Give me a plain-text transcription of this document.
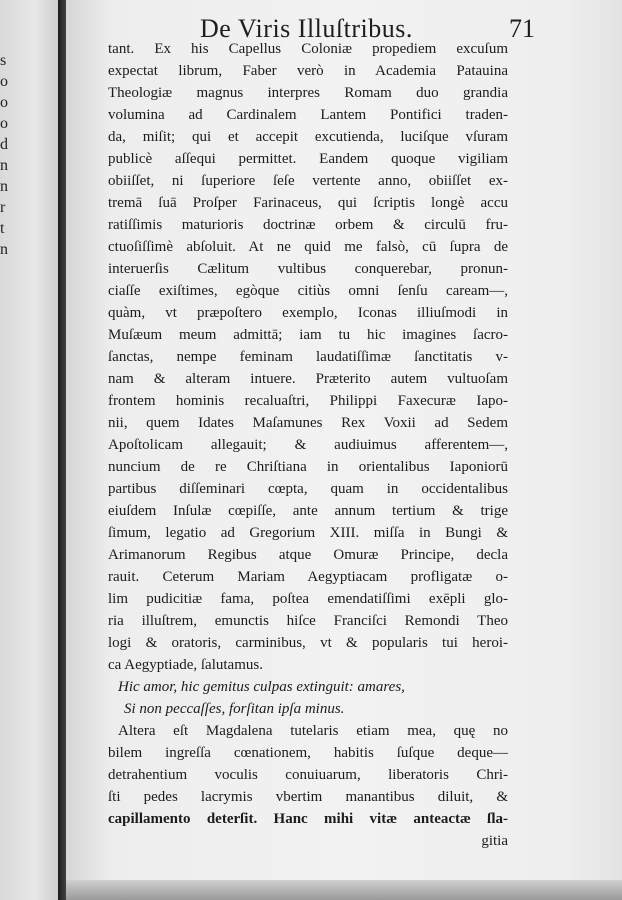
s
o
o
o
d
n
n
r
t
n
De Viris Illuſtribus.	71
tant. Ex his Capellus Coloniæ propediem excuſum
expectat librum, Faber verò in Academia Patauina
Theologiæ magnus interpres Romam duo grandia
volumina ad Cardinalem Lantem Pontifici traden-
da, miſit; qui et accepit excutienda, luciſque vſuram
publicè aſſequi permittet. Eandem quoque vigiliam
obiiſſet, ni ſuperiore ſeſe vertente anno, obiiſſet ex-
tremā ſuā Proſper Farinaceus, qui ſcriptis longè accu
ratiſſimis maturioris doctrinæ orbem & circulū fru-
ctuoſiſſimè abſoluit. At ne quid me falsò, cū ſupra de
interuerſis Cælitum vultibus conquerebar, pronun-
ciaſſe exiſtimes, egòque citiùs omni ſenſu caream—,
quàm, vt præpoſtero exemplo, Iconas illiuſmodi in
Muſæum meum admittā; iam tu hic imagines ſacro-
ſanctas, nempe feminam laudatiſſimæ ſanctitatis v-
nam & alteram intuere. Præterito autem vultuoſam
frontem hominis recaluaſtri, Philippi Faxecuræ Iapo-
nii, quem Idates Maſamunes Rex Voxii ad Sedem
Apoſtolicam allegauit; & audiuimus afferentem—,
nuncium de re Chriſtiana in orientalibus Iaponiorū
partibus diſſeminari cœpta, quam in occidentalibus
eiuſdem Inſulæ cœpiſſe, ante annum tertium & trige
ſimum, legatio ad Gregorium XIII. miſſa in Bungi &
Arimanorum Regibus atque Omuræ Principe, decla
rauit. Ceterum Mariam Aegyptiacam profligatæ o-
lim pudicitiæ fama, poſtea emendatiſſimi exēpli glo-
ria illuſtrem, emunctis hiſce Franciſci Remondi Theo
logi & oratoris, carminibus, vt & popularis tui heroi-
ca Aegyptiade, ſalutamus.
Hic amor, hic gemitus culpas extinguit: amares,
Si non peccaſſes, forſitan ipſa minus.
Altera eſt Magdalena tutelaris etiam mea, quę no
bilem ingreſſa cœnationem, habitis ſuſque deque—
detrahentium voculis conuiuarum, liberatoris Chri-
ſti pedes lacrymis vbertim manantibus diluit, &
capillamento deterſit. Hanc mihi vitæ anteactæ ſla-
gitia
